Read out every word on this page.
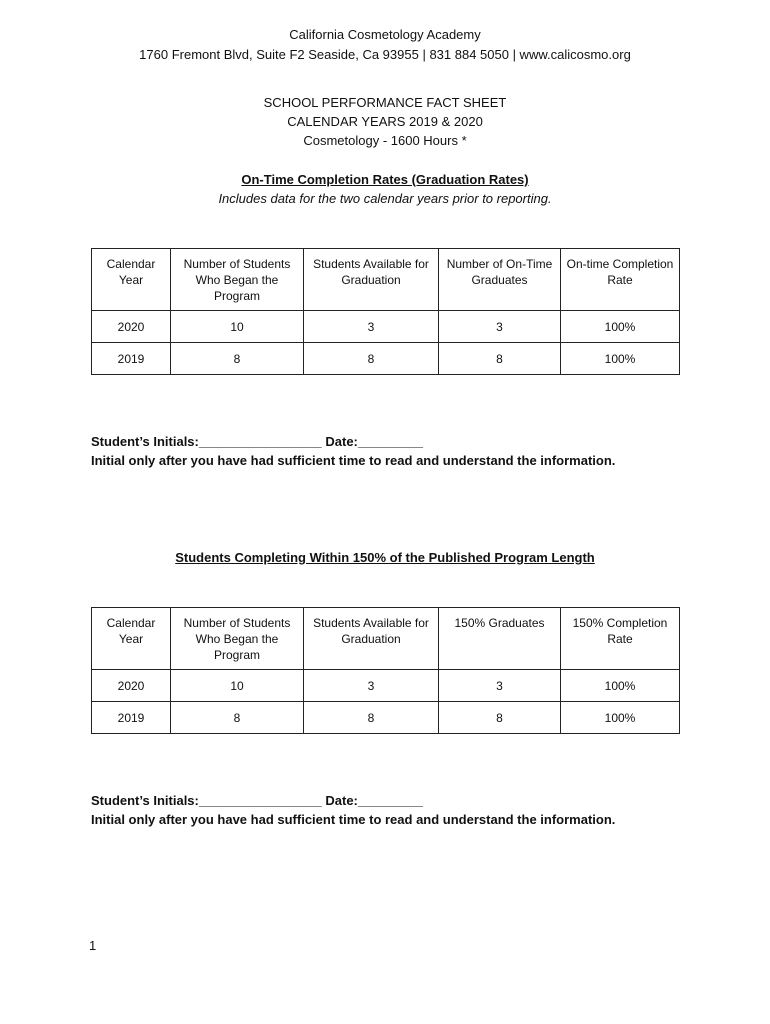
California Cosmetology Academy
1760 Fremont Blvd, Suite F2 Seaside, Ca 93955 | 831 884 5050 | www.calicosmo.org
SCHOOL PERFORMANCE FACT SHEET
CALENDAR YEARS 2019 & 2020
Cosmetology - 1600 Hours *
On-Time Completion Rates (Graduation Rates)
Includes data for the two calendar years prior to reporting.
Calendar Year	Number of Students Who Began the Program	Students Available for Graduation	Number of On-Time Graduates	On-time Completion Rate
2020	10	3	3	100%
2019	8	8	8	100%
Student’s Initials:_________________ Date:_________
Initial only after you have had sufficient time to read and understand the information.
Students Completing Within 150% of the Published Program Length
Calendar Year	Number of Students Who Began the Program	Students Available for Graduation	150% Graduates	150% Completion Rate
2020	10	3	3	100%
2019	8	8	8	100%
Student’s Initials:_________________ Date:_________
Initial only after you have had sufficient time to read and understand the information.
1
